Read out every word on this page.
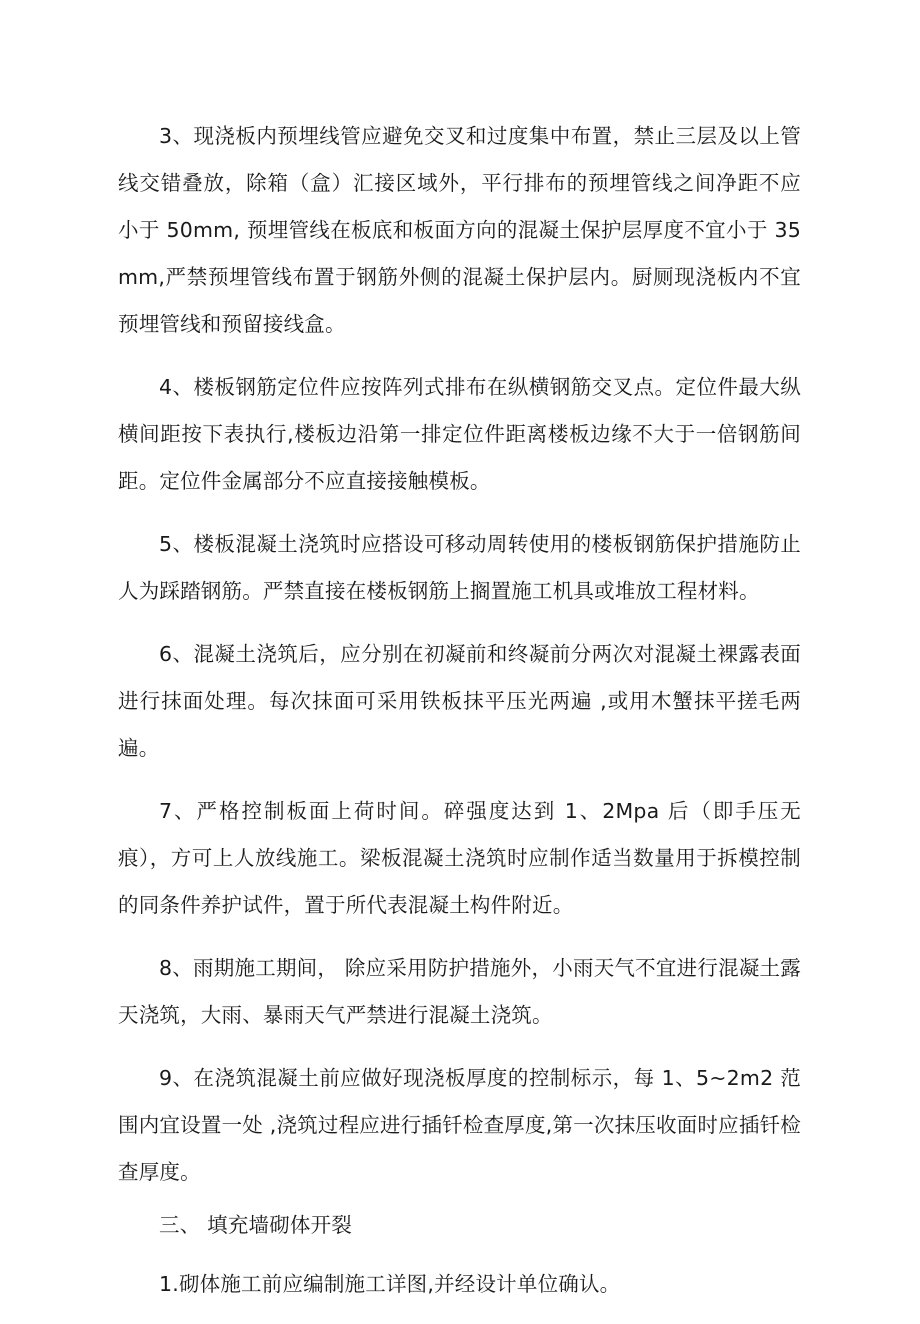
3、现浇板内预埋线管应避免交叉和过度集中布置，禁止三层及以上管线交错叠放，除箱（盒）汇接区域外，平行排布的预埋管线之间净距不应小于 50mm, 预埋管线在板底和板面方向的混凝土保护层厚度不宜小于 35mm,严禁预埋管线布置于钢筋外侧的混凝土保护层内。厨厕现浇板内不宜预埋管线和预留接线盒。

4、楼板钢筋定位件应按阵列式排布在纵横钢筋交叉点。定位件最大纵横间距按下表执行,楼板边沿第一排定位件距离楼板边缘不大于一倍钢筋间距。定位件金属部分不应直接接触模板。

5、楼板混凝土浇筑时应搭设可移动周转使用的楼板钢筋保护措施防止人为踩踏钢筋。严禁直接在楼板钢筋上搁置施工机具或堆放工程材料。

6、混凝土浇筑后，应分别在初凝前和终凝前分两次对混凝土裸露表面进行抹面处理。每次抹面可采用铁板抹平压光两遍 ,或用木蟹抹平搓毛两遍。

7、严格控制板面上荷时间。碎强度达到 1、2Mpa 后（即手压无痕），方可上人放线施工。梁板混凝土浇筑时应制作适当数量用于拆模控制的同条件养护试件，置于所代表混凝土构件附近。

8、雨期施工期间， 除应采用防护措施外，小雨天气不宜进行混凝土露天浇筑，大雨、暴雨天气严禁进行混凝土浇筑。

9、在浇筑混凝土前应做好现浇板厚度的控制标示，每 1、5~2m2 范围内宜设置一处 ,浇筑过程应进行插钎检查厚度,第一次抹压收面时应插钎检查厚度。

三、 填充墙砌体开裂

1.砌体施工前应编制施工详图,并经设计单位确认。
